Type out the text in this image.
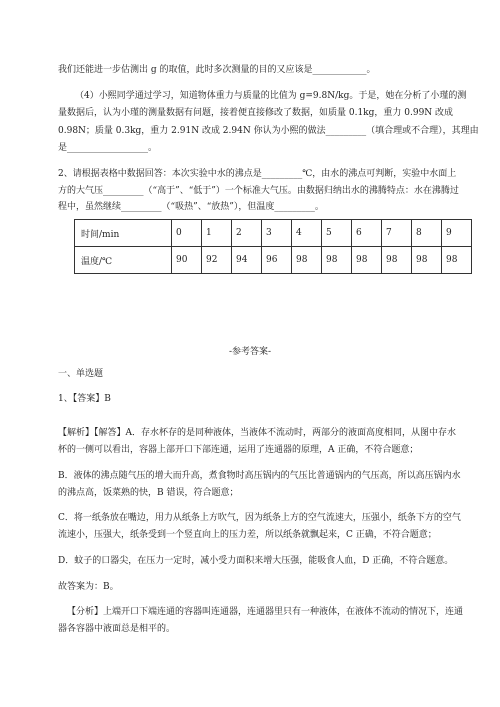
我们还能进一步估测出 g 的取值，此时多次测量的目的又应该是____________。
（4）小熙同学通过学习，知道物体重力与质量的比值为 g=9.8N/kg。于是，她在分析了小瑾的测
量数据后，认为小瑾的测量数据有问题，接着便直接修改了数据，如质量 0.1kg，重力 0.99N 改成
0.98N；质量 0.3kg，重力 2.91N 改成 2.94N 你认为小熙的做法_________（填合理或不合理），其理由
是__________________。
2、请根据表格中数据回答：本次实验中水的沸点是_________℃，由水的沸点可判断，实验中水面上
方的大气压_________（“高于”、“低于”）一个标准大气压。由数据归纳出水的沸腾特点：水在沸腾过
程中，虽然继续_________（“吸热”、“放热”），但温度_________。
时间/min	0	1	2	3	4	5	6	7	8	9
温度/℃	90	92	94	96	98	98	98	98	98	98
-参考答案-
一、单选题
1、【答案】B
【解析】【解答】A．存水杯存的是同种液体，当液体不流动时，两部分的液面高度相同，从图中存水
杯的一侧可以看出，容器上部开口下部连通，运用了连通器的原理，A 正确，不符合题意；
B．液体的沸点随气压的增大而升高，煮食物时高压锅内的气压比普通锅内的气压高，所以高压锅内水
的沸点高，饭菜熟的快，B 错误，符合题意；
C．将一纸条放在嘴边，用力从纸条上方吹气，因为纸条上方的空气流速大，压强小，纸条下方的空气
流速小，压强大，纸条受到一个竖直向上的压力差，所以纸条就飘起来，C 正确，不符合题意；
D．蚊子的口器尖，在压力一定时，减小受力面积来增大压强，能吸食人血，D 正确，不符合题意。
故答案为：B。
【分析】上端开口下端连通的容器叫连通器，连通器里只有一种液体，在液体不流动的情况下，连通
器各容器中液面总是相平的。
